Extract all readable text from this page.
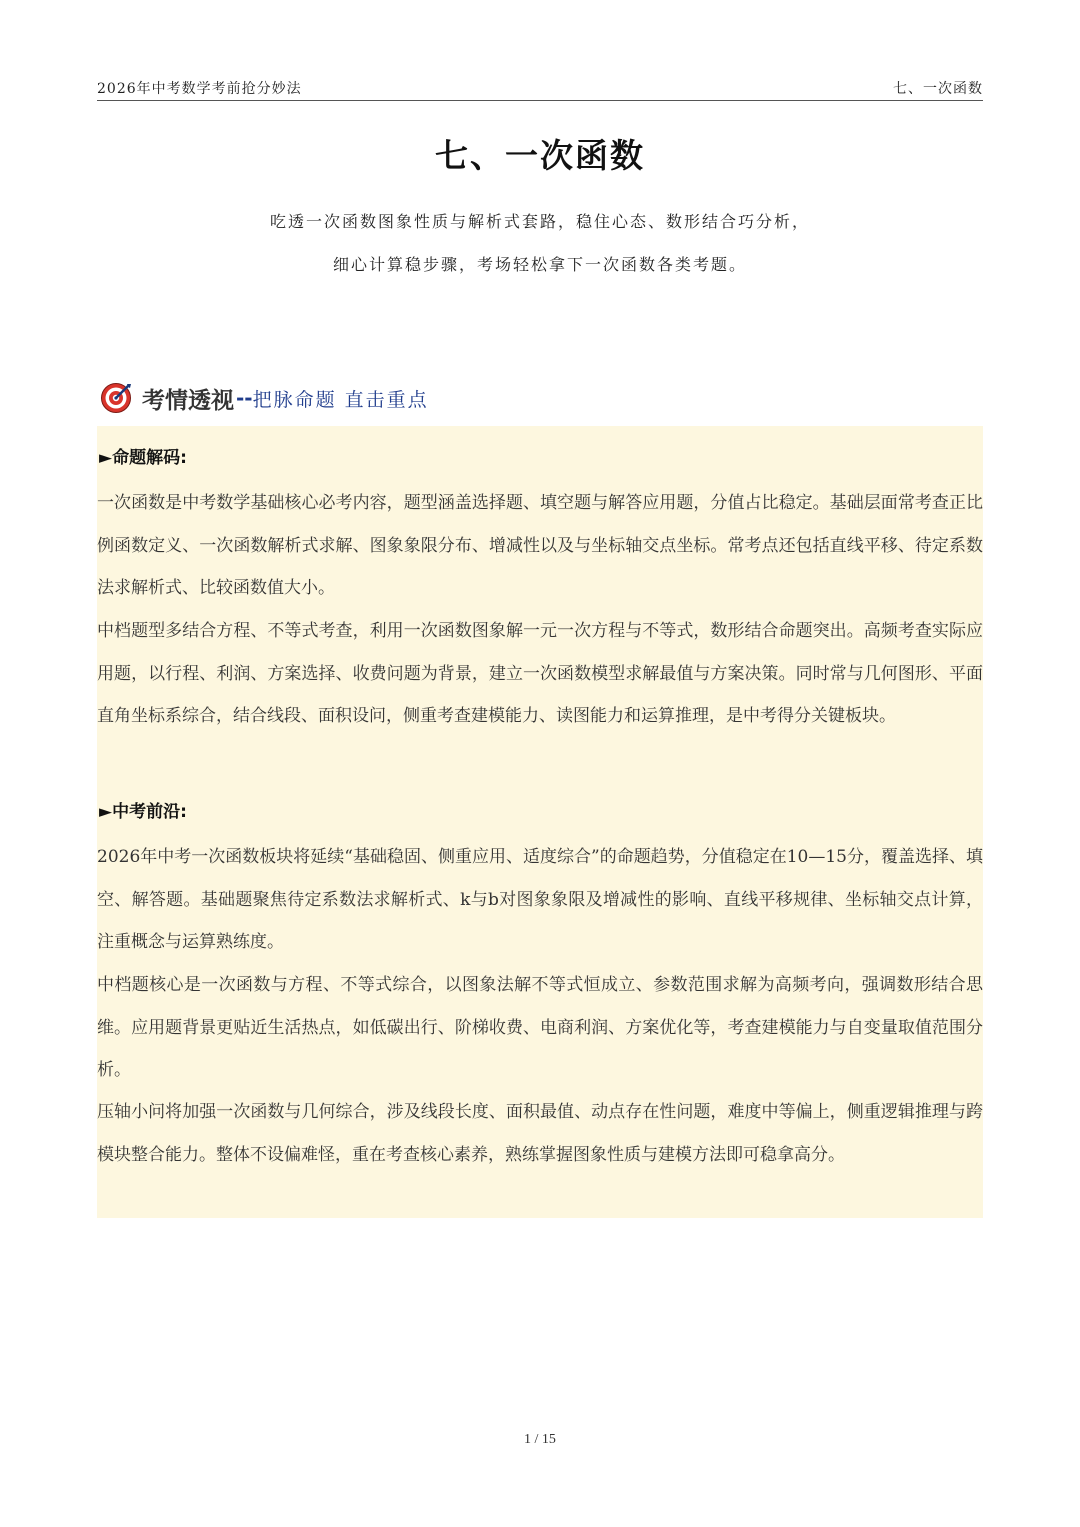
2026年中考数学考前抢分妙法	七、一次函数
七、一次函数
吃透一次函数图象性质与解析式套路，稳住心态、数形结合巧分析，
细心计算稳步骤，考场轻松拿下一次函数各类考题。
考情透视 -- 把脉命题 直击重点
►命题解码:
一次函数是中考数学基础核心必考内容，题型涵盖选择题、填空题与解答应用题，分值占比稳定。基础层面常考查正比例函数定义、一次函数解析式求解、图象象限分布、增减性以及与坐标轴交点坐标。常考点还包括直线平移、待定系数法求解析式、比较函数值大小。
中档题型多结合方程、不等式考查，利用一次函数图象解一元一次方程与不等式，数形结合命题突出。高频考查实际应用题，以行程、利润、方案选择、收费问题为背景，建立一次函数模型求解最值与方案决策。同时常与几何图形、平面直角坐标系综合，结合线段、面积设问，侧重考查建模能力、读图能力和运算推理，是中考得分关键板块。
►中考前沿:
2026年中考一次函数板块将延续“基础稳固、侧重应用、适度综合”的命题趋势，分值稳定在10—15分，覆盖选择、填空、解答题。基础题聚焦待定系数法求解析式、k与b对图象象限及增减性的影响、直线平移规律、坐标轴交点计算，注重概念与运算熟练度。
中档题核心是一次函数与方程、不等式综合，以图象法解不等式恒成立、参数范围求解为高频考向，强调数形结合思维。应用题背景更贴近生活热点，如低碳出行、阶梯收费、电商利润、方案优化等，考查建模能力与自变量取值范围分析。
压轴小问将加强一次函数与几何综合，涉及线段长度、面积最值、动点存在性问题，难度中等偏上，侧重逻辑推理与跨模块整合能力。整体不设偏难怪，重在考查核心素养，熟练掌握图象性质与建模方法即可稳拿高分。
1 / 15
